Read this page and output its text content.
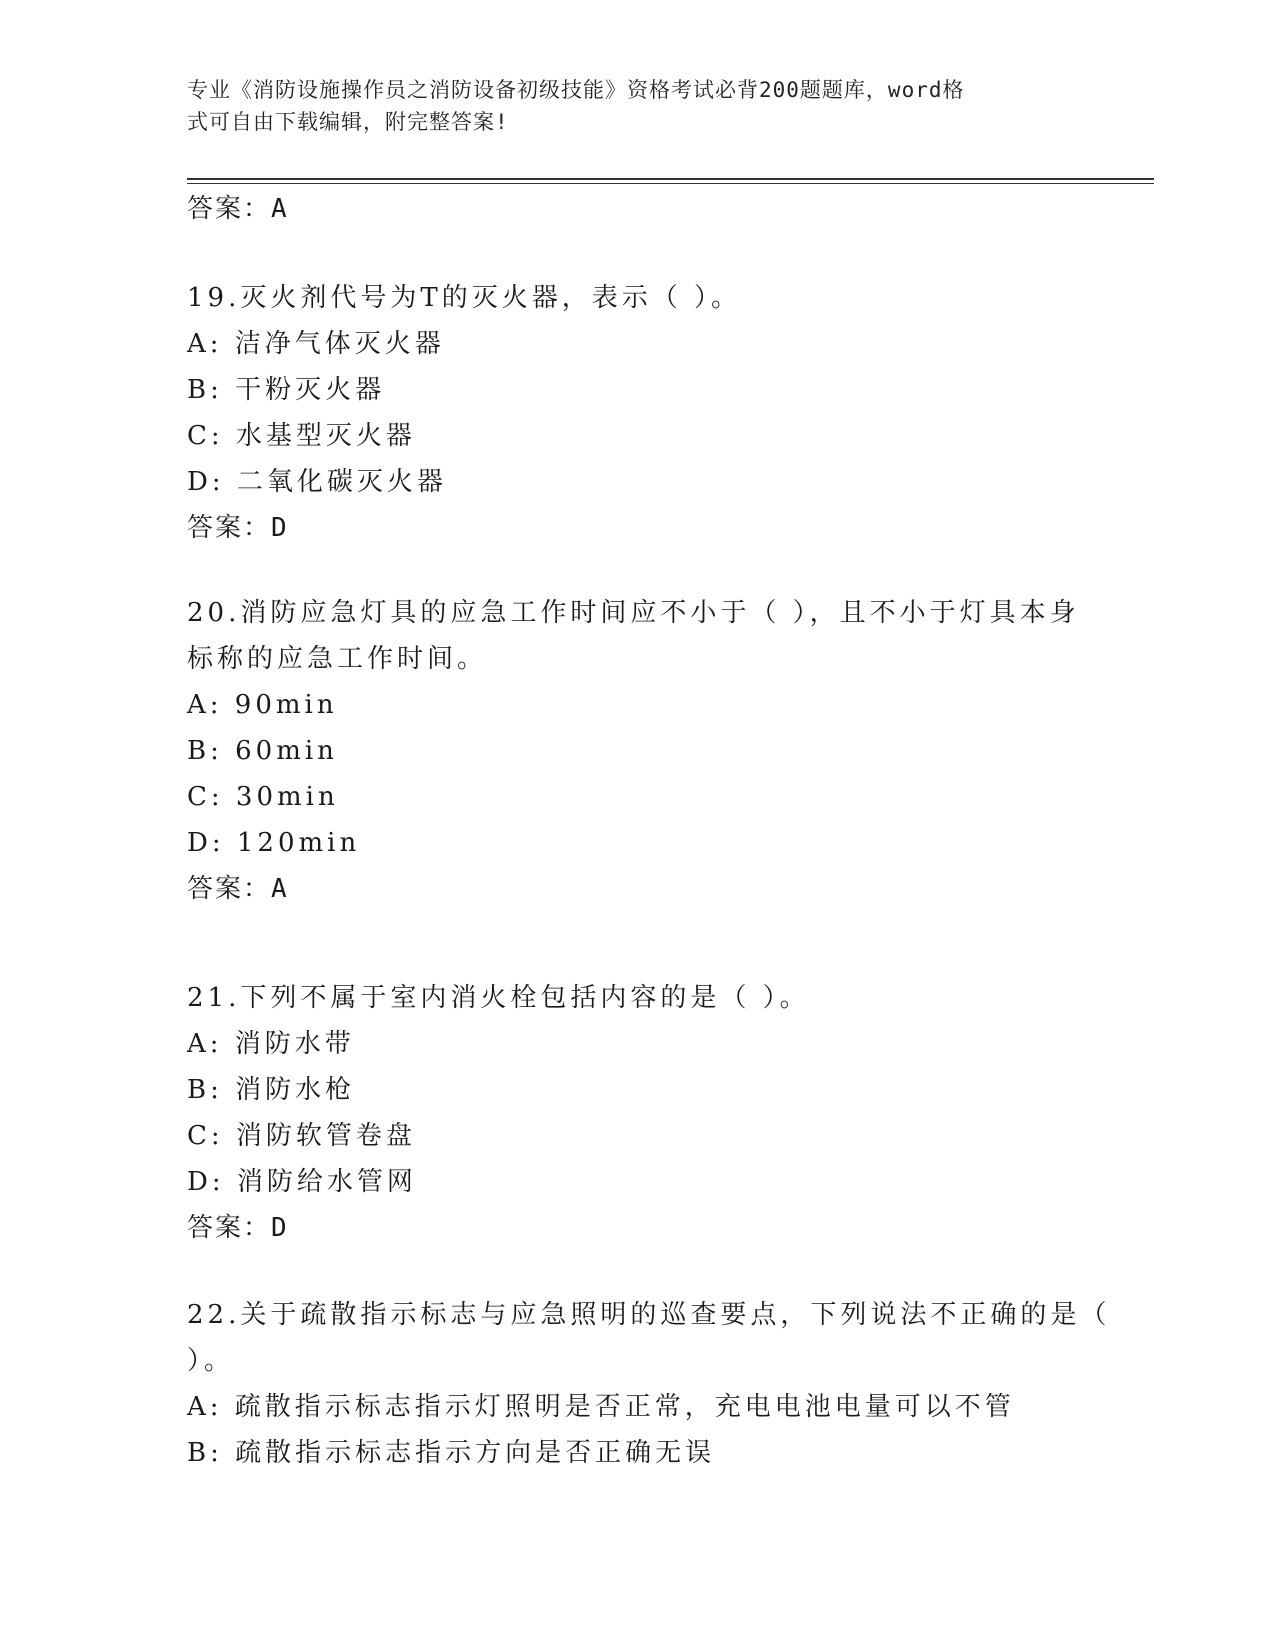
专业《消防设施操作员之消防设备初级技能》资格考试必背200题题库，word格
式可自由下载编辑，附完整答案!
答案：A
19.灭火剂代号为T的灭火器，表示（ ）。
A: 洁净气体灭火器
B: 干粉灭火器
C: 水基型灭火器
D: 二氧化碳灭火器
答案：D
20.消防应急灯具的应急工作时间应不小于（ ），且不小于灯具本身
标称的应急工作时间。
A: 90min
B: 60min
C: 30min
D: 120min
答案：A
21.下列不属于室内消火栓包括内容的是（ ）。
A: 消防水带
B: 消防水枪
C: 消防软管卷盘
D: 消防给水管网
答案：D
22.关于疏散指示标志与应急照明的巡查要点，下列说法不正确的是（
）。
A: 疏散指示标志指示灯照明是否正常，充电电池电量可以不管
B: 疏散指示标志指示方向是否正确无误
